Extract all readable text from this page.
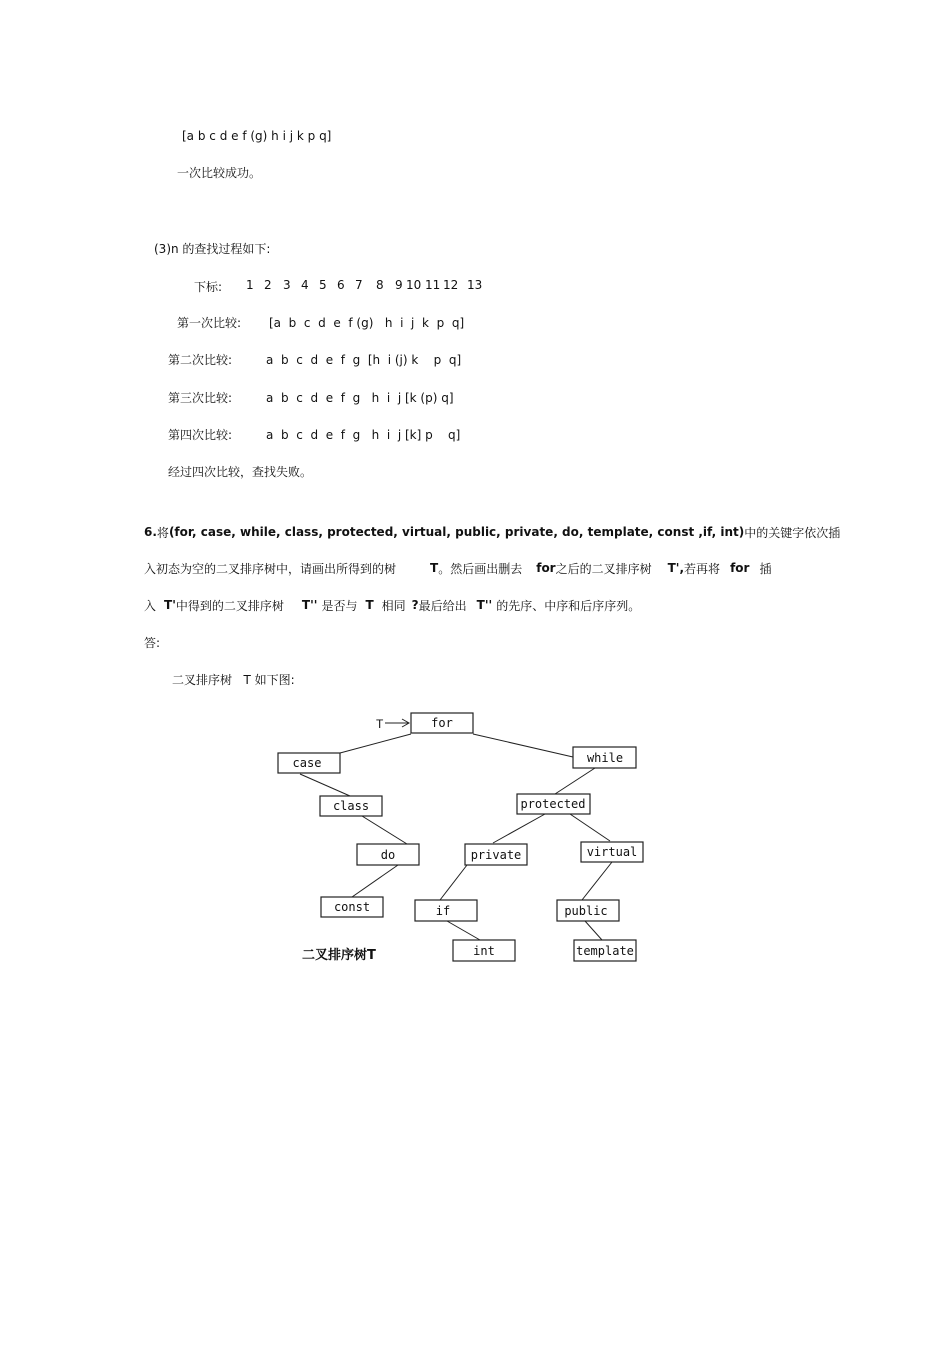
[a b c d e f (g) h i j k p q]
一次比较成功。
(3)n 的查找过程如下:
下标: 1 2 3 4 5 6 7 8 9 10 11 12 13
第一次比较: [a  b  c  d  e  f (g)   h  i  j  k  p  q]
第二次比较:	a  b  c  d  e  f  g  [h  i (j) k    p  q]
第三次比较:	a  b  c  d  e  f  g   h  i  j [k (p) q]
第四次比较:	a  b  c  d  e  f  g   h  i  j [k] p    q]
经过四次比较，查找失败。
6. 将 (for, case, while, class, protected, virtual, public, private, do, template, const ,if, int) 中的关键字依次插
入初态为空的二叉排序树中，请画出所得到的树	T 。然后画出删去 for 之后的二叉排序树 T', 若再将 for 插
入 T' 中得到的二叉排序树 T'' 是否与 T 相同 ? 最后给出 T'' 的先序、中序和后序序列。
答:
二叉排序树   T 如下图:
for
case	while
class	protected
do	private	virtual
const	if	public
int	template
T
二叉排序树T
